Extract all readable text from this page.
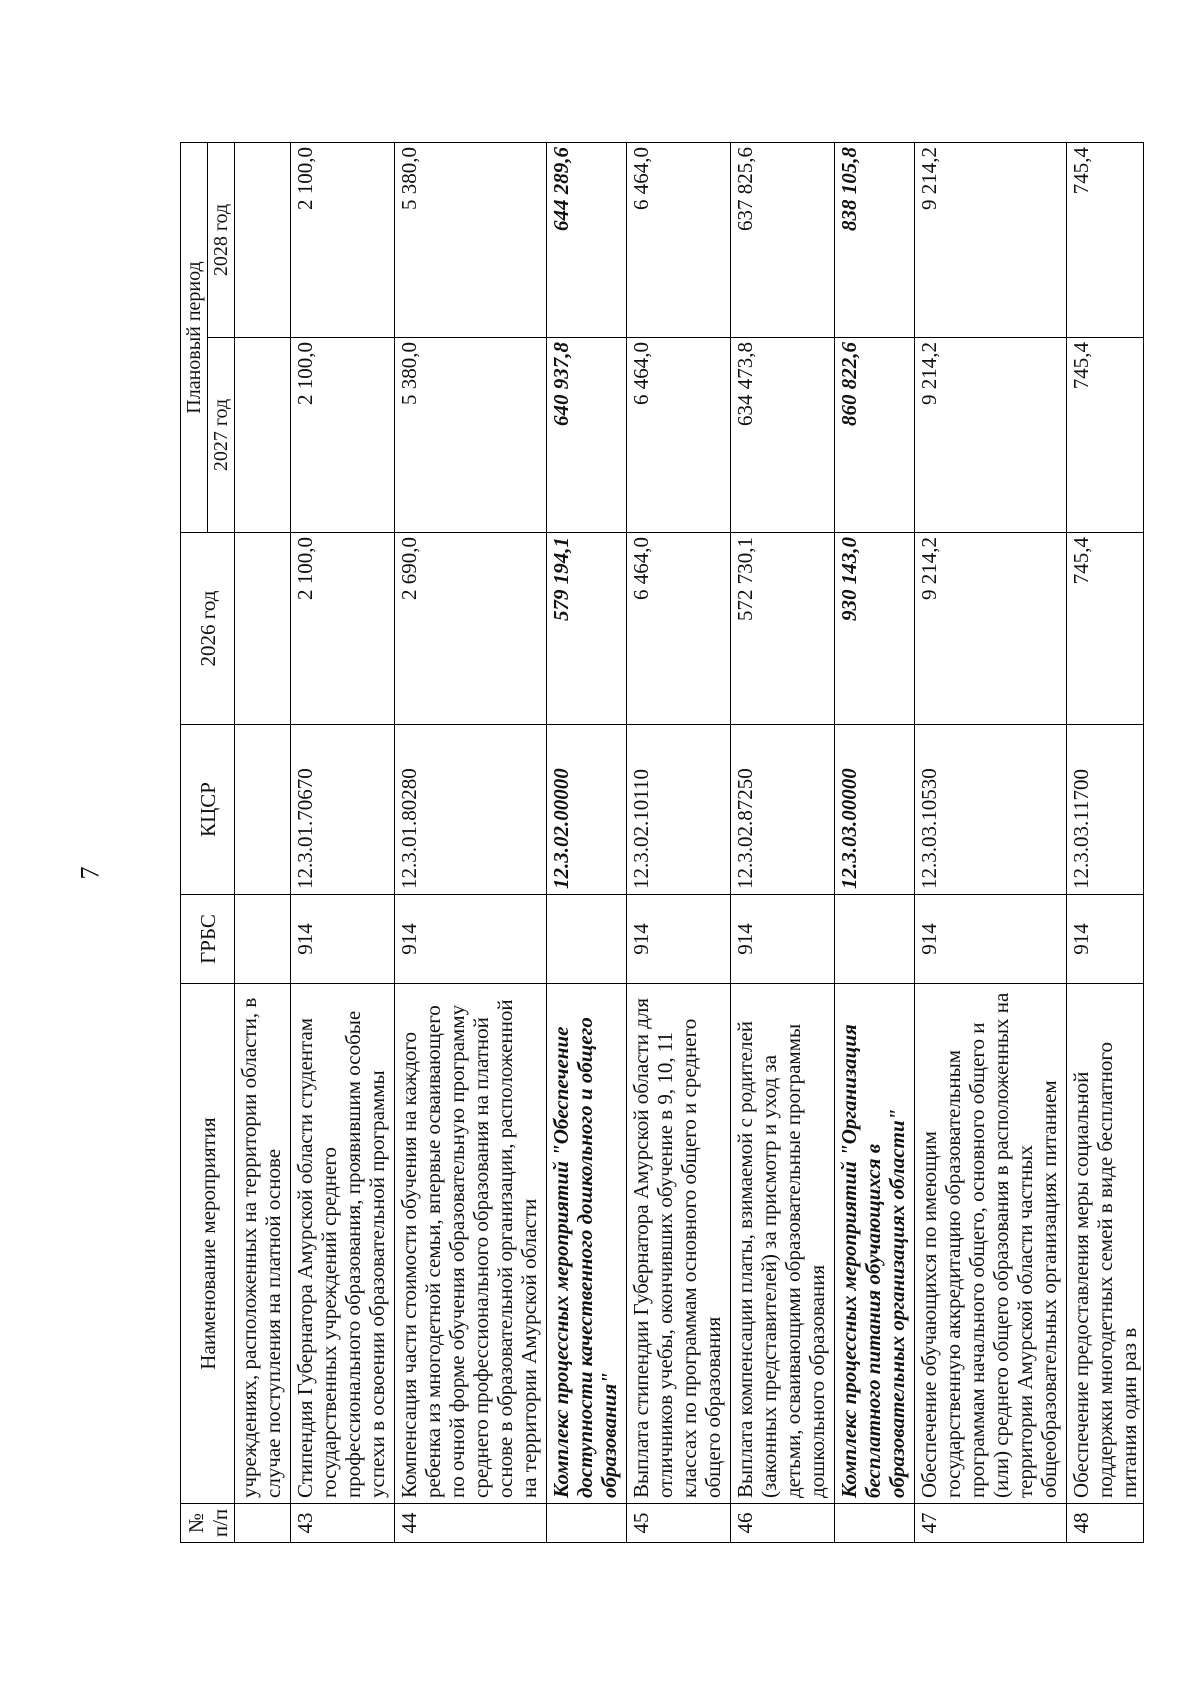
7
№ п/п	Наименование мероприятия	ГРБС	КЦСР	2026 год	Плановый период	
					2027 год	2028 год
	учреждениях, расположенных на территории области, в случае поступления на платной основе					
43	Стипендия Губернатора Амурской области студентам государственных учреждений среднего профессионального образования, проявившим особые успехи в освоении образовательной программы	914	12.3.01.70670	2 100,0	2 100,0	2 100,0
44	Компенсация части стоимости обучения на каждого ребенка из многодетной семьи, впервые осваивающего по очной форме обучения образовательную программу среднего профессионального образования на платной основе в образовательной организации, расположенной на территории Амурской области	914	12.3.01.80280	2 690,0	5 380,0	5 380,0
	Комплекс процессных мероприятий "Обеспечение доступности качественного дошкольного и общего образования"		12.3.02.00000	579 194,1	640 937,8	644 289,6
45	Выплата стипендии Губернатора Амурской области для отличников учебы, окончивших обучение в 9, 10, 11 классах по программам основного общего и среднего общего образования	914	12.3.02.10110	6 464,0	6 464,0	6 464,0
46	Выплата компенсации платы, взимаемой с родителей (законных представителей) за присмотр и уход за детьми, осваивающими образовательные программы дошкольного образования	914	12.3.02.87250	572 730,1	634 473,8	637 825,6
	Комплекс процессных мероприятий "Организация бесплатного питания обучающихся в образовательных организациях области"		12.3.03.00000	930 143,0	860 822,6	838 105,8
47	Обеспечение обучающихся по имеющим государственную аккредитацию образовательным программам начального общего, основного общего и (или) среднего общего образования в расположенных на территории Амурской области частных общеобразовательных организациях питанием	914	12.3.03.10530	9 214,2	9 214,2	9 214,2
48	Обеспечение предоставления меры социальной поддержки многодетных семей в виде бесплатного питания один раз в	914	12.3.03.11700	745,4	745,4	745,4
